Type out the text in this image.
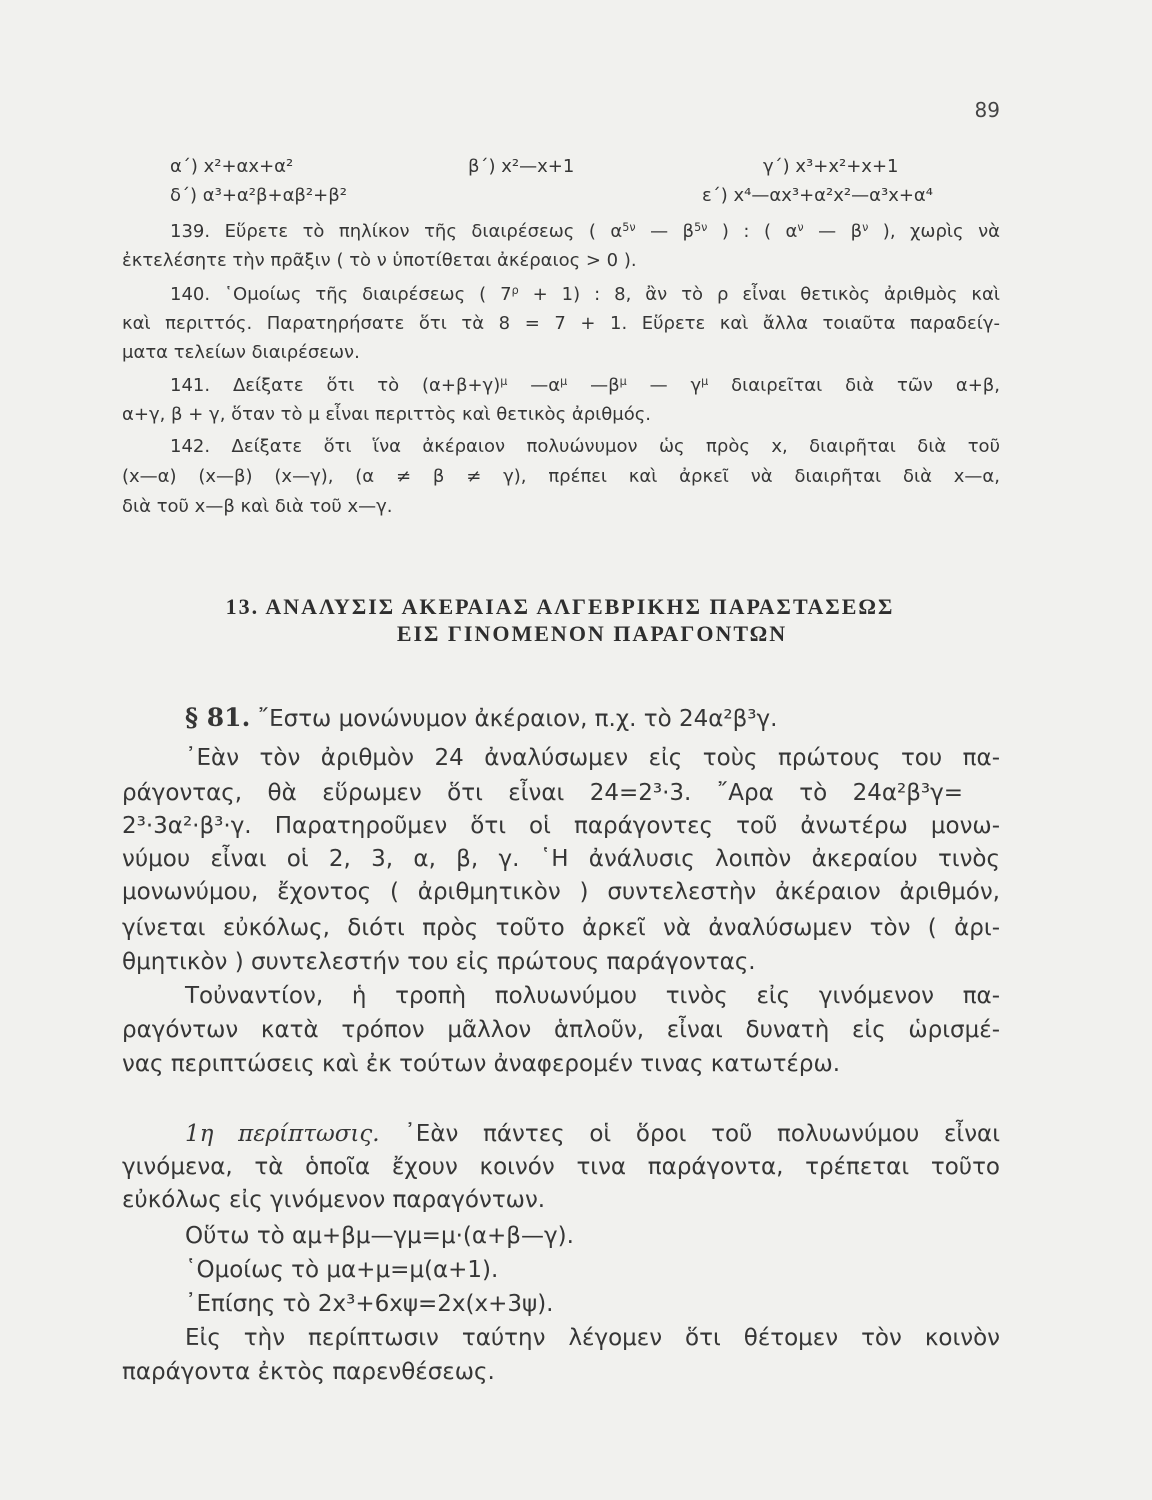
89
α΄) x²+αx+α²	β΄) x²—x+1	γ΄) x³+x²+x+1
δ΄) α³+α²β+αβ²+β²	ε΄) x⁴—αx³+α²x²—α³x+α⁴
139. Εὕρετε τὸ πηλίκον τῆς διαιρέσεως ( $\alpha^{5\nu}$ — $\beta^{5\nu}$ ) : ( $\alpha^\nu$ — $\beta^\nu$ ), χωρὶς νὰ
ἐκτελέσητε τὴν πρᾶξιν ( τὸ ν ὑποτίθεται ἀκέραιος > 0 ).
140. ῾Ομοίως τῆς διαιρέσεως ( $7^\rho + 1$) : 8, ἂν τὸ ρ εἶναι θετικὸς ἀριθμὸς καὶ
καὶ περιττός. Παρατηρήσατε ὅτι τὰ 8 = 7 + 1. Εὕρετε καὶ ἄλλα τοιαῦτα παραδείγ-
ματα τελείων διαιρέσεων.
141. Δείξατε ὅτι τὸ $(\alpha+\beta+\gamma)^\mu$ $—\alpha^\mu$ $—\beta^\mu$ — $\gamma^\mu$ διαιρεῖται διὰ τῶν α+β,
α+γ, β + γ, ὅταν τὸ μ εἶναι περιττὸς καὶ θετικὸς ἀριθμός.
142. Δείξατε ὅτι ἵνα ἀκέραιον πολυώνυμον ὡς πρὸς x, διαιρῆται διὰ τοῦ
(x—α) (x—β) (x—γ), (α ≠ β ≠ γ), πρέπει καὶ ἀρκεῖ νὰ διαιρῆται διὰ x—α,
διὰ τοῦ x—β καὶ διὰ τοῦ x—γ.
13. ΑΝΑΛΥΣΙΣ ΑΚΕΡΑΙΑΣ ΑΛΓΕΒΡΙΚΗΣ ΠΑΡΑΣΤΑΣΕΩΣ
ΕΙΣ ΓΙΝΟΜΕΝΟΝ ΠΑΡΑΓΟΝΤΩΝ
§ 81. ῎Εστω μονώνυμον ἀκέραιον, π.χ. τὸ 24α²β³γ.
᾽Εὰν τὸν ἀριθμὸν 24 ἀναλύσωμεν εἰς τοὺς πρώτους του πα-
ράγοντας, θὰ εὕρωμεν ὅτι εἶναι 24=2³·3. ῎Αρα τὸ 24α²β³γ=
2³·3α²·β³·γ. Παρατηροῦμεν ὅτι οἱ παράγοντες τοῦ ἀνωτέρω μονω-
νύμου εἶναι οἱ 2, 3, α, β, γ. ῾Η ἀνάλυσις λοιπὸν ἀκεραίου τινὸς
μονωνύμου, ἔχοντος ( ἀριθμητικὸν ) συντελεστὴν ἀκέραιον ἀριθμόν,
γίνεται εὐκόλως, διότι πρὸς τοῦτο ἀρκεῖ νὰ ἀναλύσωμεν τὸν ( ἀρι-
θμητικὸν ) συντελεστήν του εἰς πρώτους παράγοντας.
Τοὐναντίον, ἡ τροπὴ πολυωνύμου τινὸς εἰς γινόμενον πα-
ραγόντων κατὰ τρόπον μᾶλλον ἁπλοῦν, εἶναι δυνατὴ εἰς ὡρισμέ-
νας περιπτώσεις καὶ ἐκ τούτων ἀναφερομέν τινας κατωτέρω.
1η περίπτωσις. ᾽Εὰν πάντες οἱ ὅροι τοῦ πολυωνύμου εἶναι
γινόμενα, τὰ ὁποῖα ἔχουν κοινόν τινα παράγοντα, τρέπεται τοῦτο
εὐκόλως εἰς γινόμενον παραγόντων.
Οὕτω τὸ αμ+βμ—γμ=μ·(α+β—γ).
῾Ομοίως τὸ μα+μ=μ(α+1).
᾽Επίσης τὸ 2x³+6xψ=2x(x+3ψ).
Εἰς τὴν περίπτωσιν ταύτην λέγομεν ὅτι θέτομεν τὸν κοινὸν
παράγοντα ἐκτὸς παρενθέσεως.
